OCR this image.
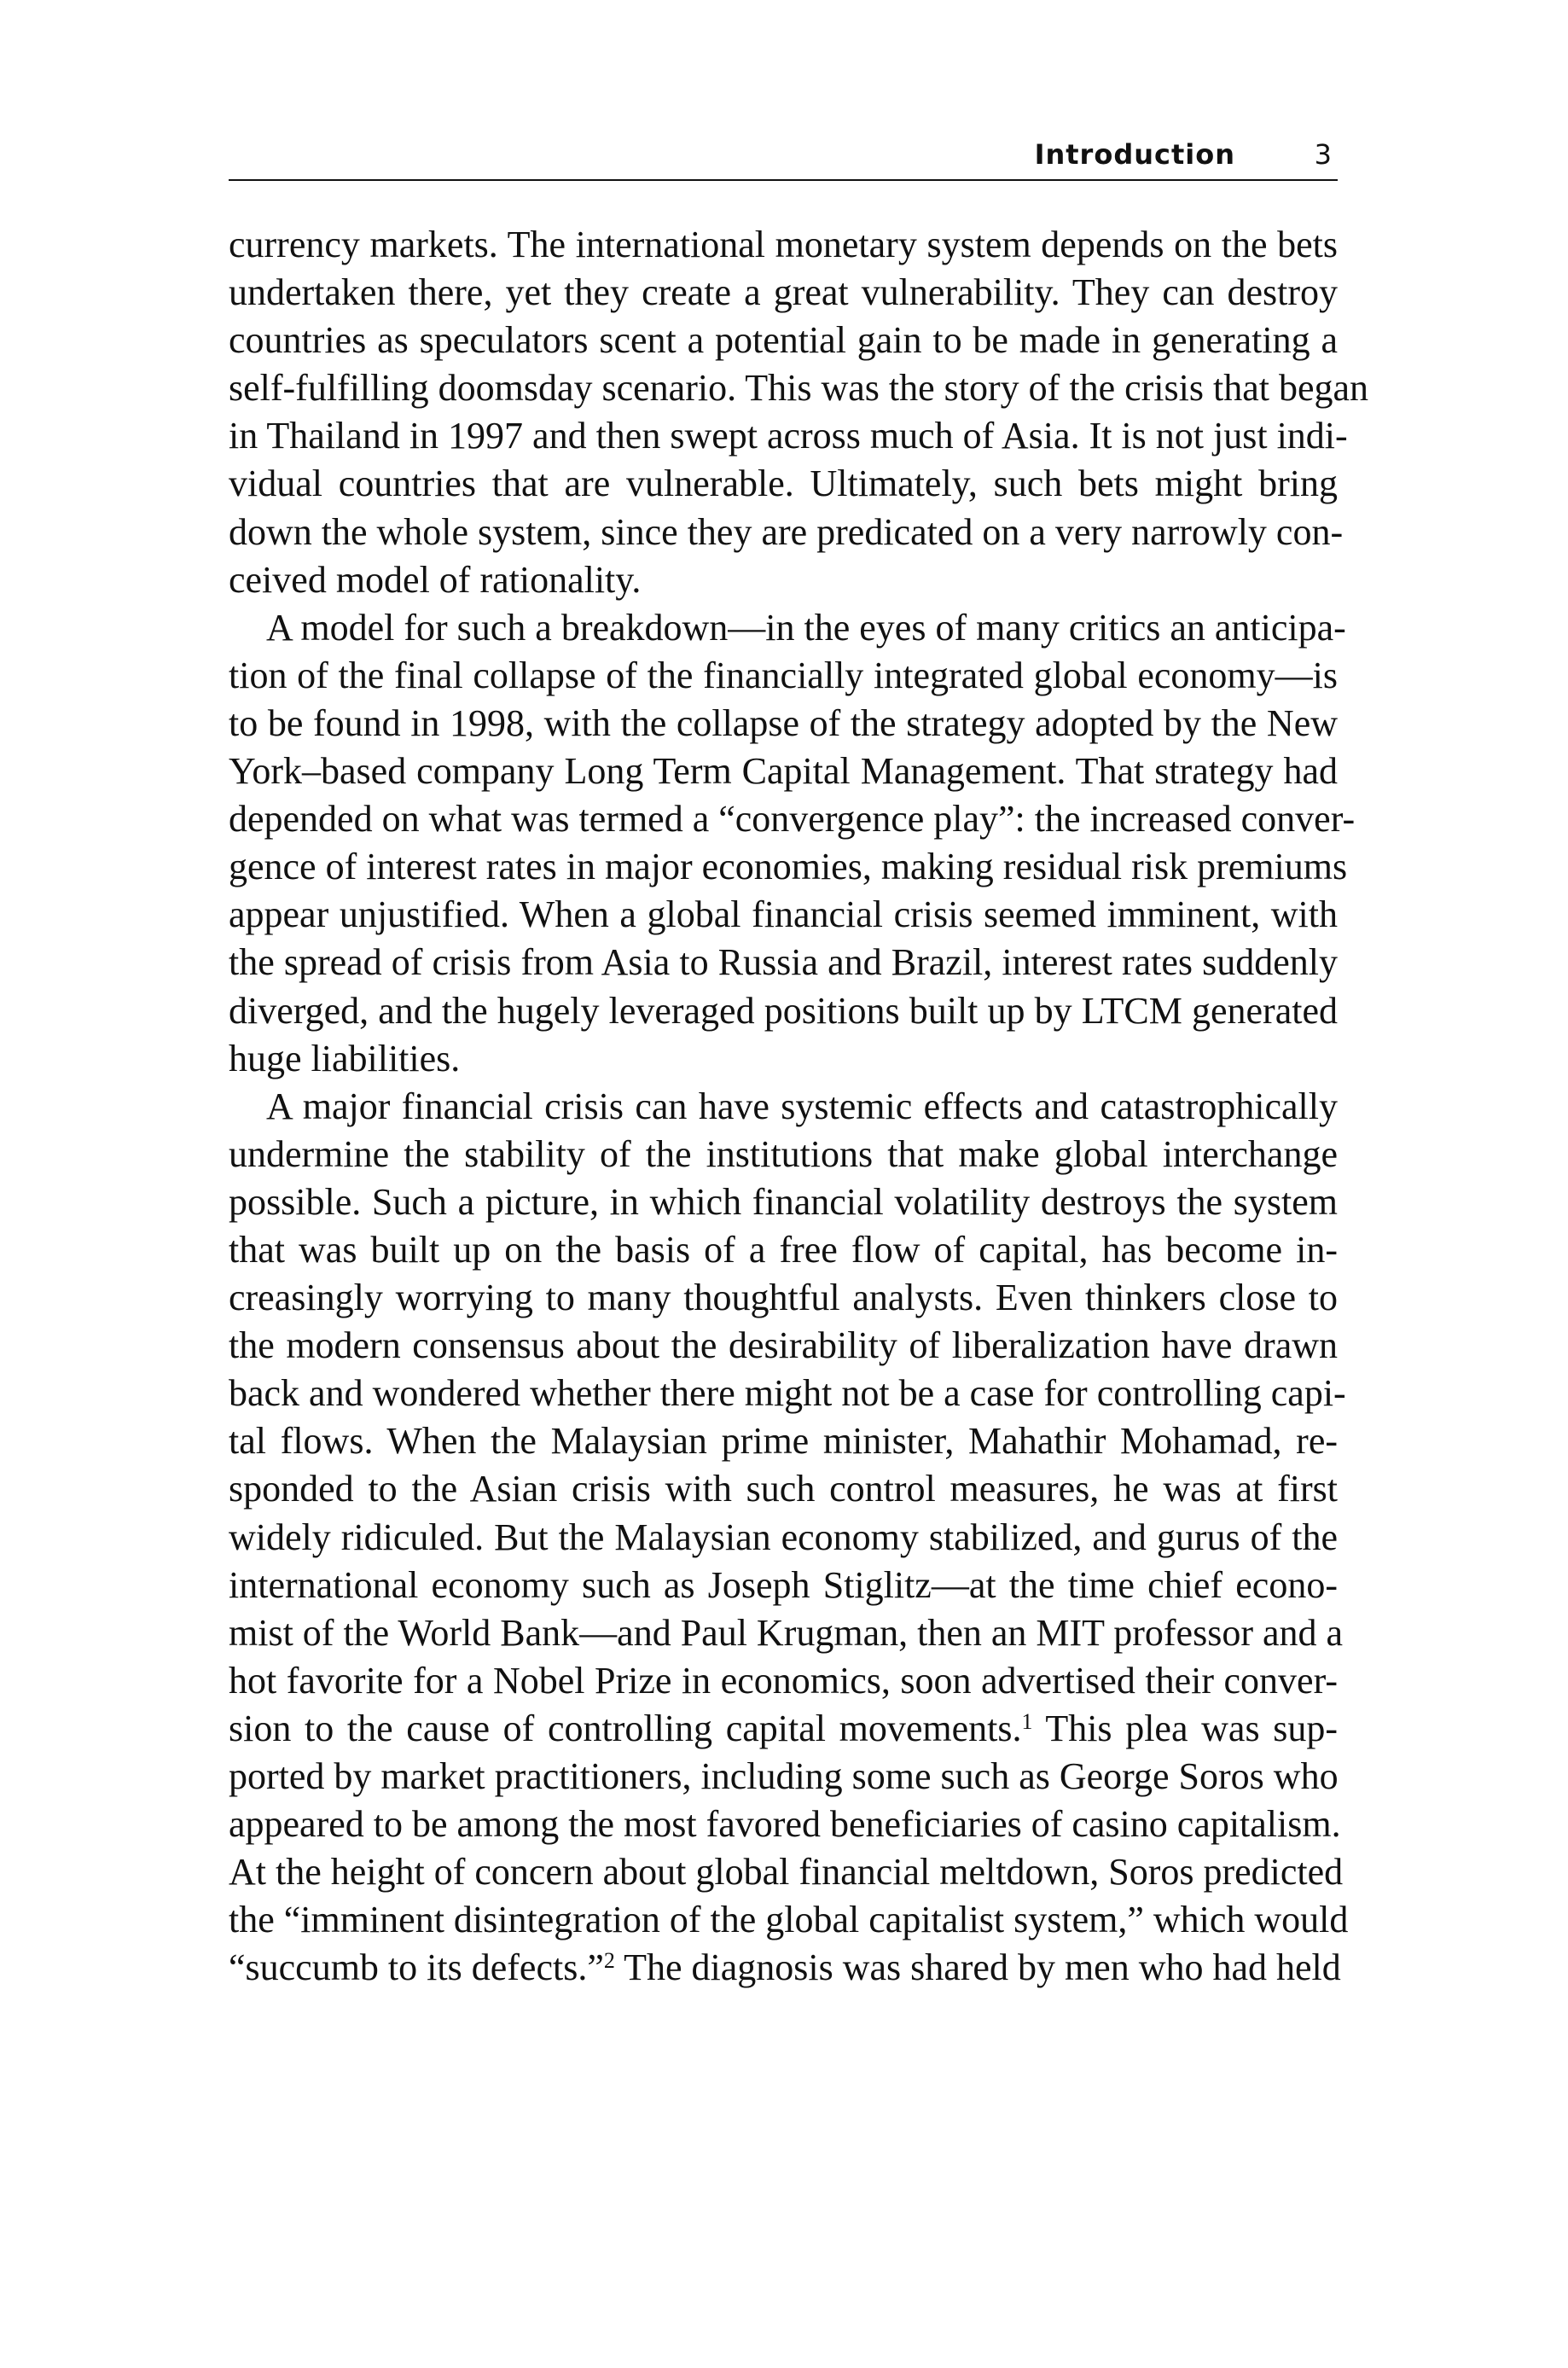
Introduction	3
currency markets. The international monetary system depends on the bets
undertaken there, yet they create a great vulnerability. They can destroy
countries as speculators scent a potential gain to be made in generating a
self-fulfilling doomsday scenario. This was the story of the crisis that began
in Thailand in 1997 and then swept across much of Asia. It is not just indi-
vidual countries that are vulnerable. Ultimately, such bets might bring
down the whole system, since they are predicated on a very narrowly con-
ceived model of rationality.
A model for such a breakdown—in the eyes of many critics an anticipa-
tion of the final collapse of the financially integrated global economy—is
to be found in 1998, with the collapse of the strategy adopted by the New
York–based company Long Term Capital Management. That strategy had
depended on what was termed a “convergence play”: the increased conver-
gence of interest rates in major economies, making residual risk premiums
appear unjustified. When a global financial crisis seemed imminent, with
the spread of crisis from Asia to Russia and Brazil, interest rates suddenly
diverged, and the hugely leveraged positions built up by LTCM generated
huge liabilities.
A major financial crisis can have systemic effects and catastrophically
undermine the stability of the institutions that make global interchange
possible. Such a picture, in which financial volatility destroys the system
that was built up on the basis of a free flow of capital, has become in-
creasingly worrying to many thoughtful analysts. Even thinkers close to
the modern consensus about the desirability of liberalization have drawn
back and wondered whether there might not be a case for controlling capi-
tal flows. When the Malaysian prime minister, Mahathir Mohamad, re-
sponded to the Asian crisis with such control measures, he was at first
widely ridiculed. But the Malaysian economy stabilized, and gurus of the
international economy such as Joseph Stiglitz—at the time chief econo-
mist of the World Bank—and Paul Krugman, then an MIT professor and a
hot favorite for a Nobel Prize in economics, soon advertised their conver-
sion to the cause of controlling capital movements.$^1$ This plea was sup-
ported by market practitioners, including some such as George Soros who
appeared to be among the most favored beneficiaries of casino capitalism.
At the height of concern about global financial meltdown, Soros predicted
the “imminent disintegration of the global capitalist system,” which would
“succumb to its defects.”$^2$ The diagnosis was shared by men who had held
